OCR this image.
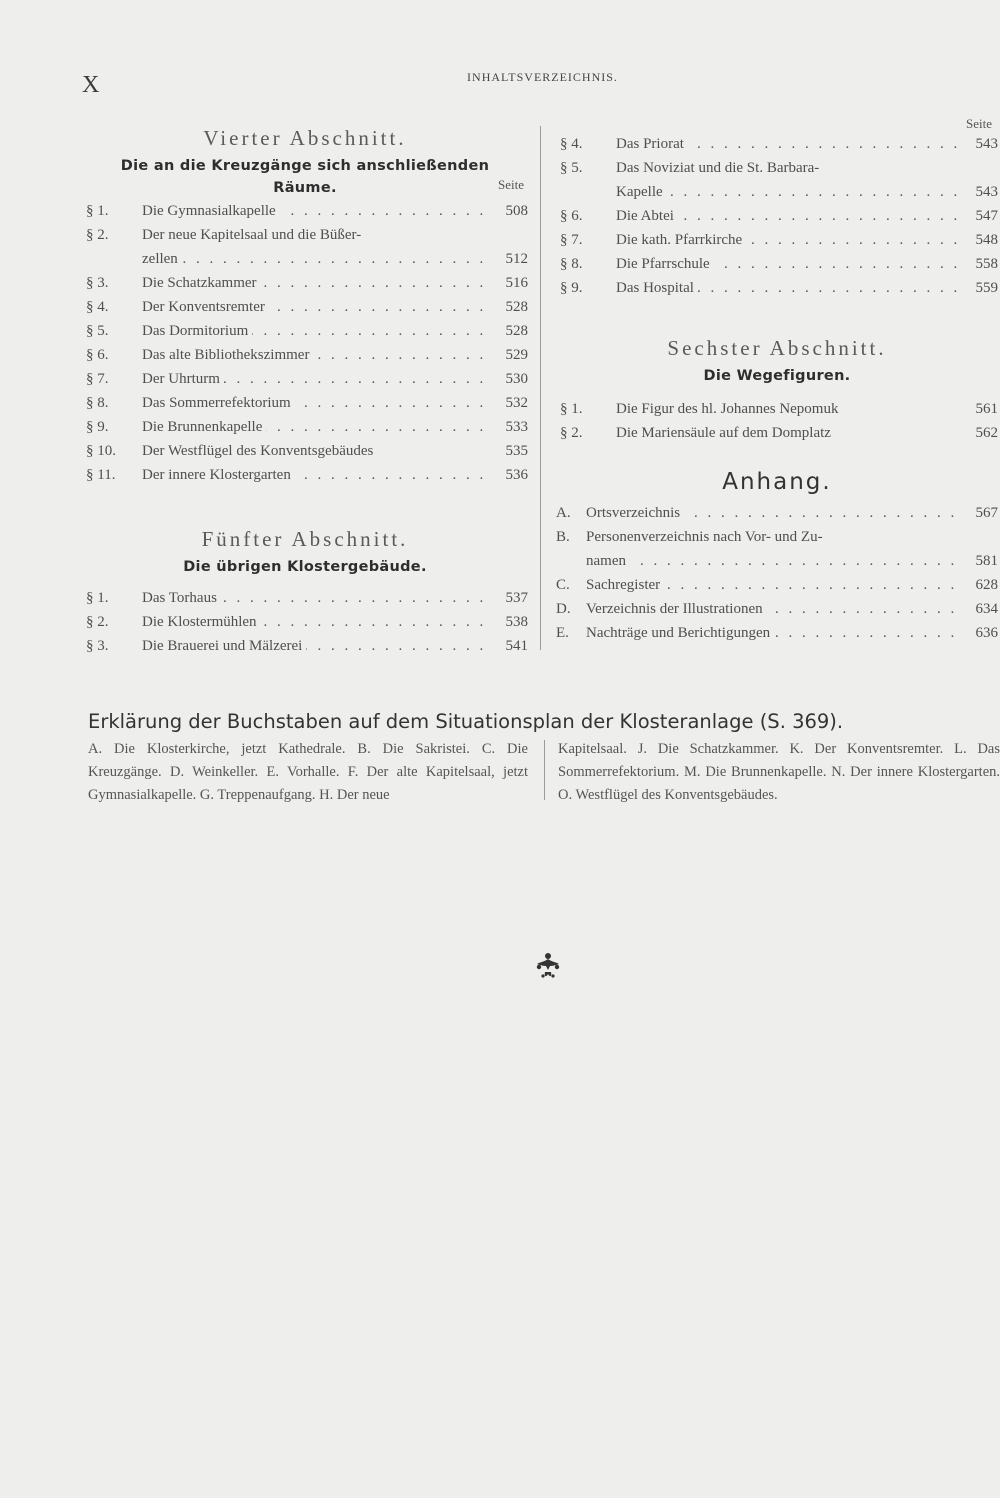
X	INHALTSVERZEICHNIS.
Vierter Abschnitt.
Die an die Kreuzgänge sich anschließenden
Räume.	Seite
§ 1.	Die Gymnasialkapelle . . .	508
§ 2.	Der neue Kapitelsaal und die Büßer-
zellen . . .	512
§ 3.	Die Schatzkammer . . .	516
§ 4.	Der Konventsremter . . .	528
§ 5.	Das Dormitorium . . .	528
§ 6.	Das alte Bibliothekszimmer . . .	529
§ 7.	Der Uhrturm . . .	530
§ 8.	Das Sommerrefektorium . . .	532
§ 9.	Die Brunnenkapelle . . .	533
§ 10.	Der Westflügel des Konventsgebäudes	535
§ 11.	Der innere Klostergarten . . .	536
Fünfter Abschnitt.
Die übrigen Klostergebäude.
§ 1.	Das Torhaus . . .	537
§ 2.	Die Klostermühlen . . .	538
§ 3.	Die Brauerei und Mälzerei . . .	541
Seite
§ 4.	Das Priorat . . .	543
§ 5.	Das Noviziat und die St. Barbara-
Kapelle . . .	543
§ 6.	Die Abtei . . .	547
§ 7.	Die kath. Pfarrkirche . . .	548
§ 8.	Die Pfarrschule . . .	558
§ 9.	Das Hospital . . .	559
Sechster Abschnitt.
Die Wegefiguren.
§ 1.	Die Figur des hl. Johannes Nepomuk	561
§ 2.	Die Mariensäule auf dem Domplatz	562
Anhang.
A.	Ortsverzeichnis . . .	567
B.	Personenverzeichnis nach Vor- und Zu-
namen . . .	581
C.	Sachregister . . .	628
D.	Verzeichnis der Illustrationen . . .	634
E.	Nachträge und Berichtigungen . . .	636
Erklärung der Buchstaben auf dem Situationsplan der Klosteranlage (S. 369).
A. Die Klosterkirche, jetzt Kathedrale. B. Die Sakristei. C. Die Kreuzgänge. D. Weinkeller. E. Vorhalle. F. Der alte Kapitelsaal, jetzt Gymnasialkapelle. G. Treppenaufgang. H. Der neue
Kapitelsaal. J. Die Schatzkammer. K. Der Konventsremter. L. Das Sommerrefektorium. M. Die Brunnenkapelle. N. Der innere Klostergarten. O. Westflügel des Konventsgebäudes.
